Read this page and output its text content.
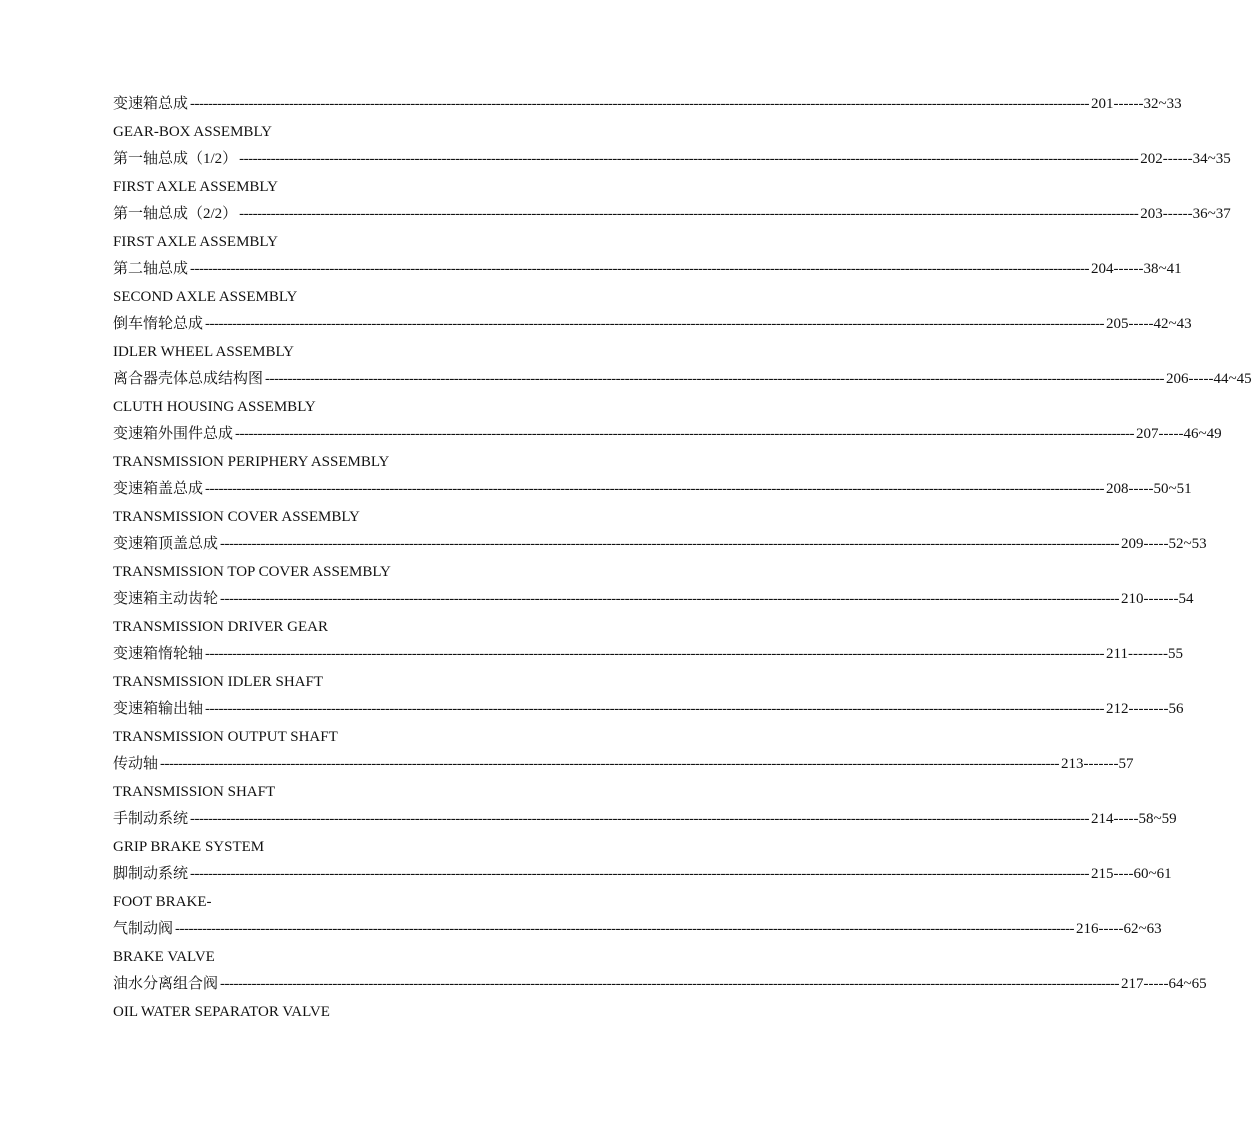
变速箱总成 -------------------------------------------------------------------------------------------------------------------------------------------------------------------------------------------------------- 201------32~33
GEAR-BOX ASSEMBLY
第一轴总成（1/2） -------------------------------------------------------------------------------------------------------------------------------------------------------------------------------------------------------- 202------34~35
FIRST AXLE ASSEMBLY
第一轴总成（2/2） -------------------------------------------------------------------------------------------------------------------------------------------------------------------------------------------------------- 203------36~37
FIRST AXLE ASSEMBLY
第二轴总成 -------------------------------------------------------------------------------------------------------------------------------------------------------------------------------------------------------- 204------38~41
SECOND AXLE ASSEMBLY
倒车惰轮总成 -------------------------------------------------------------------------------------------------------------------------------------------------------------------------------------------------------- 205-----42~43
IDLER WHEEL ASSEMBLY
离合器壳体总成结构图 -------------------------------------------------------------------------------------------------------------------------------------------------------------------------------------------------------- 206-----44~45
CLUTH HOUSING ASSEMBLY
变速箱外围件总成 -------------------------------------------------------------------------------------------------------------------------------------------------------------------------------------------------------- 207-----46~49
TRANSMISSION PERIPHERY ASSEMBLY
变速箱盖总成 -------------------------------------------------------------------------------------------------------------------------------------------------------------------------------------------------------- 208-----50~51
TRANSMISSION COVER ASSEMBLY
变速箱顶盖总成 -------------------------------------------------------------------------------------------------------------------------------------------------------------------------------------------------------- 209-----52~53
TRANSMISSION TOP COVER ASSEMBLY
变速箱主动齿轮 -------------------------------------------------------------------------------------------------------------------------------------------------------------------------------------------------------- 210-------54
TRANSMISSION DRIVER GEAR
变速箱惰轮轴 -------------------------------------------------------------------------------------------------------------------------------------------------------------------------------------------------------- 211--------55
TRANSMISSION IDLER SHAFT
变速箱输出轴 -------------------------------------------------------------------------------------------------------------------------------------------------------------------------------------------------------- 212--------56
TRANSMISSION OUTPUT SHAFT
传动轴 -------------------------------------------------------------------------------------------------------------------------------------------------------------------------------------------------------- 213-------57
TRANSMISSION SHAFT
手制动系统 -------------------------------------------------------------------------------------------------------------------------------------------------------------------------------------------------------- 214-----58~59
GRIP BRAKE SYSTEM
脚制动系统 -------------------------------------------------------------------------------------------------------------------------------------------------------------------------------------------------------- 215----60~61
FOOT BRAKE-
气制动阀 -------------------------------------------------------------------------------------------------------------------------------------------------------------------------------------------------------- 216-----62~63
BRAKE VALVE
油水分离组合阀 -------------------------------------------------------------------------------------------------------------------------------------------------------------------------------------------------------- 217-----64~65
OIL WATER SEPARATOR VALVE
